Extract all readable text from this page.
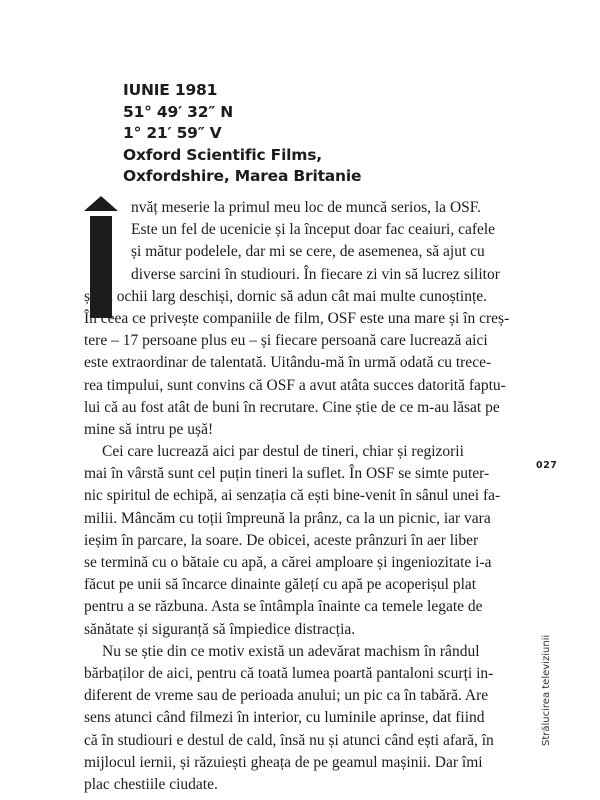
IUNIE 1981
51° 49′ 32″ N
1° 21′ 59″ V
Oxford Scientific Films,
Oxfordshire, Marea Britanie
nvăț meserie la primul meu loc de muncă serios, la OSF.
Este un fel de ucenicie și la început doar fac ceaiuri, cafele
și mătur podelele, dar mi se cere, de asemenea, să ajut cu
diverse sarcini în studiouri. În fiecare zi vin să lucrez silitor
și cu ochii larg deschiși, dornic să adun cât mai multe cunoștințe.
În ceea ce privește companiile de film, OSF este una mare și în creș-
tere – 17 persoane plus eu – și fiecare persoană care lucrează aici
este extraordinar de talentată. Uitându-mă în urmă odată cu trece-
rea timpului, sunt convins că OSF a avut atâta succes datorită faptu-
lui că au fost atât de buni în recrutare. Cine știe de ce m-au lăsat pe
mine să intru pe ușă!
Cei care lucrează aici par destul de tineri, chiar și regizorii
mai în vârstă sunt cel puțin tineri la suflet. În OSF se simte puter-
nic spiritul de echipă, ai senzația că ești bine-venit în sânul unei fa-
milii. Mâncăm cu toții împreună la prânz, ca la un picnic, iar vara
ieșim în parcare, la soare. De obicei, aceste prânzuri în aer liber
se termină cu o bătaie cu apă, a cărei amploare și ingeniozitate i-a
făcut pe unii să încarce dinainte gălețí cu apă pe acoperișul plat
pentru a se răzbuna. Asta se întâmpla înainte ca temele legate de
sănătate și siguranță să împiedice distracția.
Nu se știe din ce motiv există un adevărat machism în rândul
bărbaților de aici, pentru că toată lumea poartă pantaloni scurți in-
diferent de vreme sau de perioada anului; un pic ca în tabără. Are
sens atunci când filmezi în interior, cu luminile aprinse, dat fiind
că în studiouri e destul de cald, însă nu și atunci când ești afară, în
mijlocul iernii, și răzuiești gheața de pe geamul mașinii. Dar îmi
plac chestiile ciudate.
027
Strălucirea televiziunii
